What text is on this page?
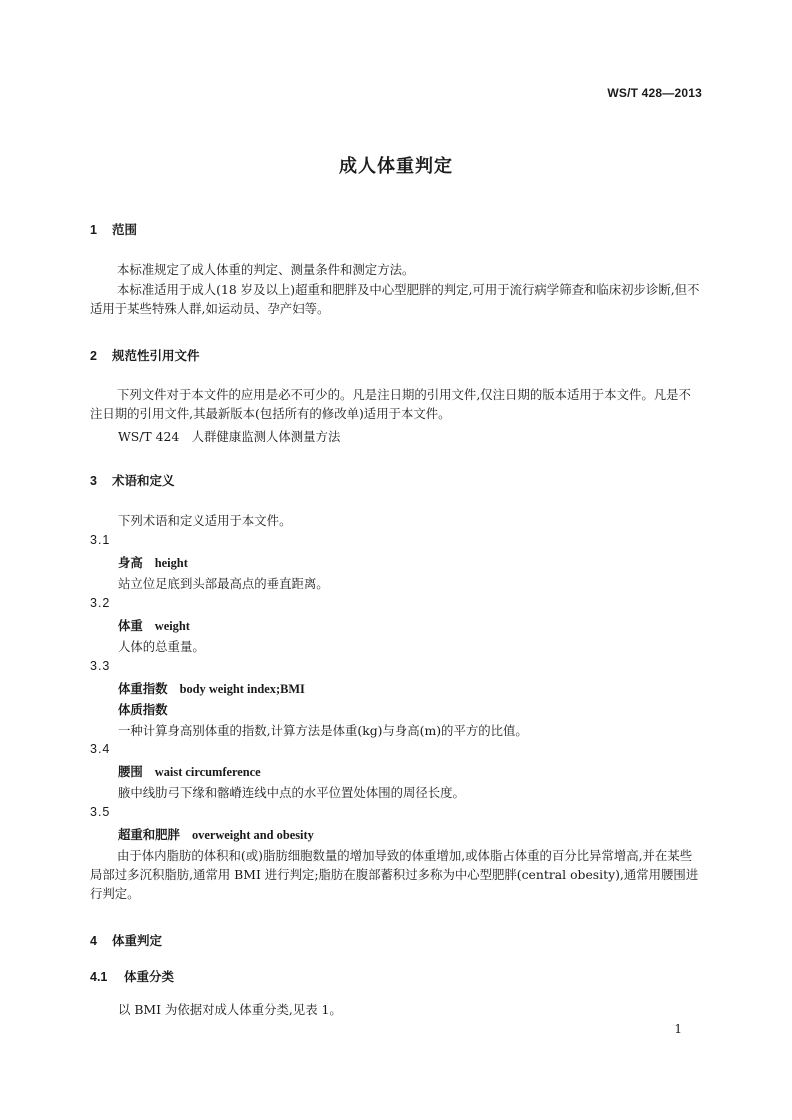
WS/T 428—2013
成人体重判定
1 范围
本标准规定了成人体重的判定、测量条件和测定方法。
本标准适用于成人(18 岁及以上)超重和肥胖及中心型肥胖的判定,可用于流行病学筛查和临床初步诊断,但不适用于某些特殊人群,如运动员、孕产妇等。
2 规范性引用文件
下列文件对于本文件的应用是必不可少的。凡是注日期的引用文件,仅注日期的版本适用于本文件。凡是不注日期的引用文件,其最新版本(包括所有的修改单)适用于本文件。
WS/T 424　人群健康监测人体测量方法
3 术语和定义
下列术语和定义适用于本文件。
3.1
身高 height
站立位足底到头部最高点的垂直距离。
3.2
体重 weight
人体的总重量。
3.3
体重指数 body weight index;BMI
体质指数
一种计算身高别体重的指数,计算方法是体重(kg)与身高(m)的平方的比值。
3.4
腰围 waist circumference
腋中线肋弓下缘和髂嵴连线中点的水平位置处体围的周径长度。
3.5
超重和肥胖 overweight and obesity
由于体内脂肪的体积和(或)脂肪细胞数量的增加导致的体重增加,或体脂占体重的百分比异常增高,并在某些局部过多沉积脂肪,通常用 BMI 进行判定;脂肪在腹部蓄积过多称为中心型肥胖(central obesity),通常用腰围进行判定。
4 体重判定
4.1 体重分类
以 BMI 为依据对成人体重分类,见表 1。
1
